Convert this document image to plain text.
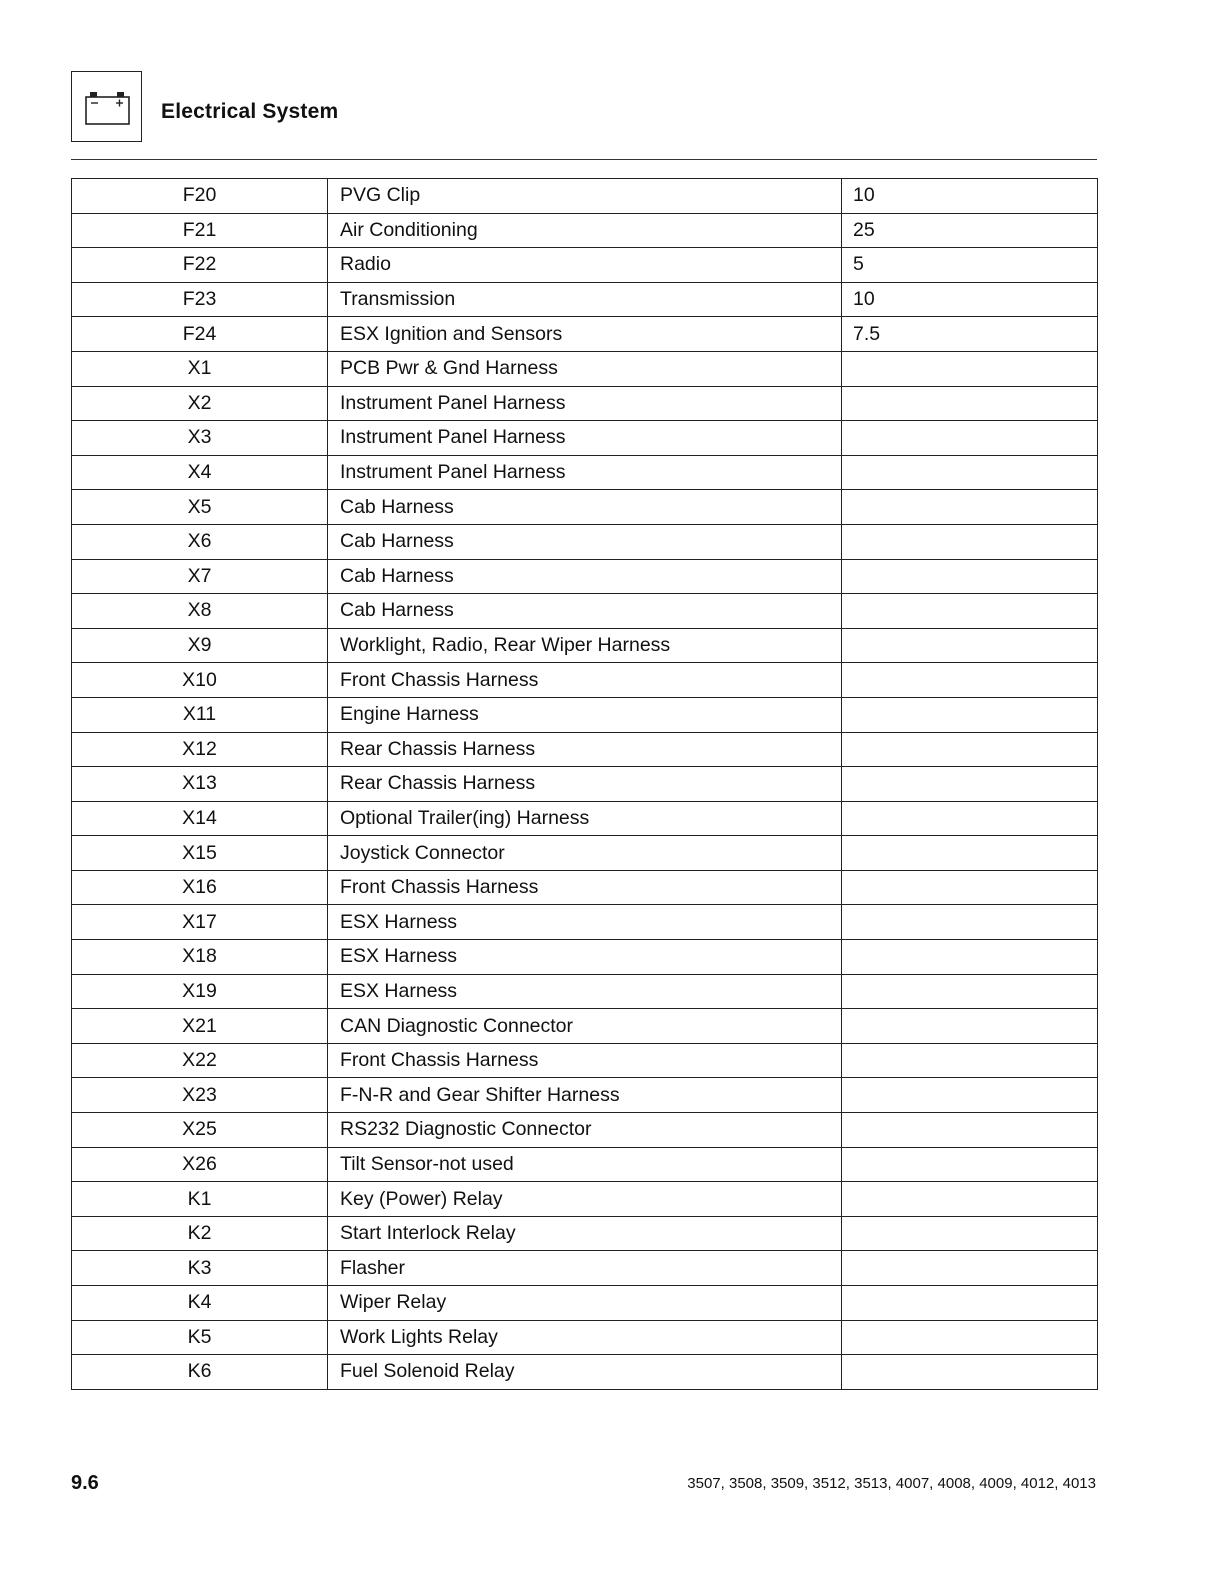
Electrical System
F20	PVG Clip	10
F21	Air Conditioning	25
F22	Radio	5
F23	Transmission	10
F24	ESX Ignition and Sensors	7.5
X1	PCB Pwr & Gnd Harness	
X2	Instrument Panel Harness	
X3	Instrument Panel Harness	
X4	Instrument Panel Harness	
X5	Cab Harness	
X6	Cab Harness	
X7	Cab Harness	
X8	Cab Harness	
X9	Worklight, Radio, Rear Wiper Harness	
X10	Front Chassis Harness	
X11	Engine Harness	
X12	Rear Chassis Harness	
X13	Rear Chassis Harness	
X14	Optional Trailer(ing) Harness	
X15	Joystick Connector	
X16	Front Chassis Harness	
X17	ESX Harness	
X18	ESX Harness	
X19	ESX Harness	
X21	CAN Diagnostic Connector	
X22	Front Chassis Harness	
X23	F-N-R and Gear Shifter Harness	
X25	RS232 Diagnostic Connector	
X26	Tilt Sensor-not used	
K1	Key (Power) Relay	
K2	Start Interlock Relay	
K3	Flasher	
K4	Wiper Relay	
K5	Work Lights Relay	
K6	Fuel Solenoid Relay	
9.6	3507, 3508, 3509, 3512, 3513, 4007, 4008, 4009, 4012, 4013
